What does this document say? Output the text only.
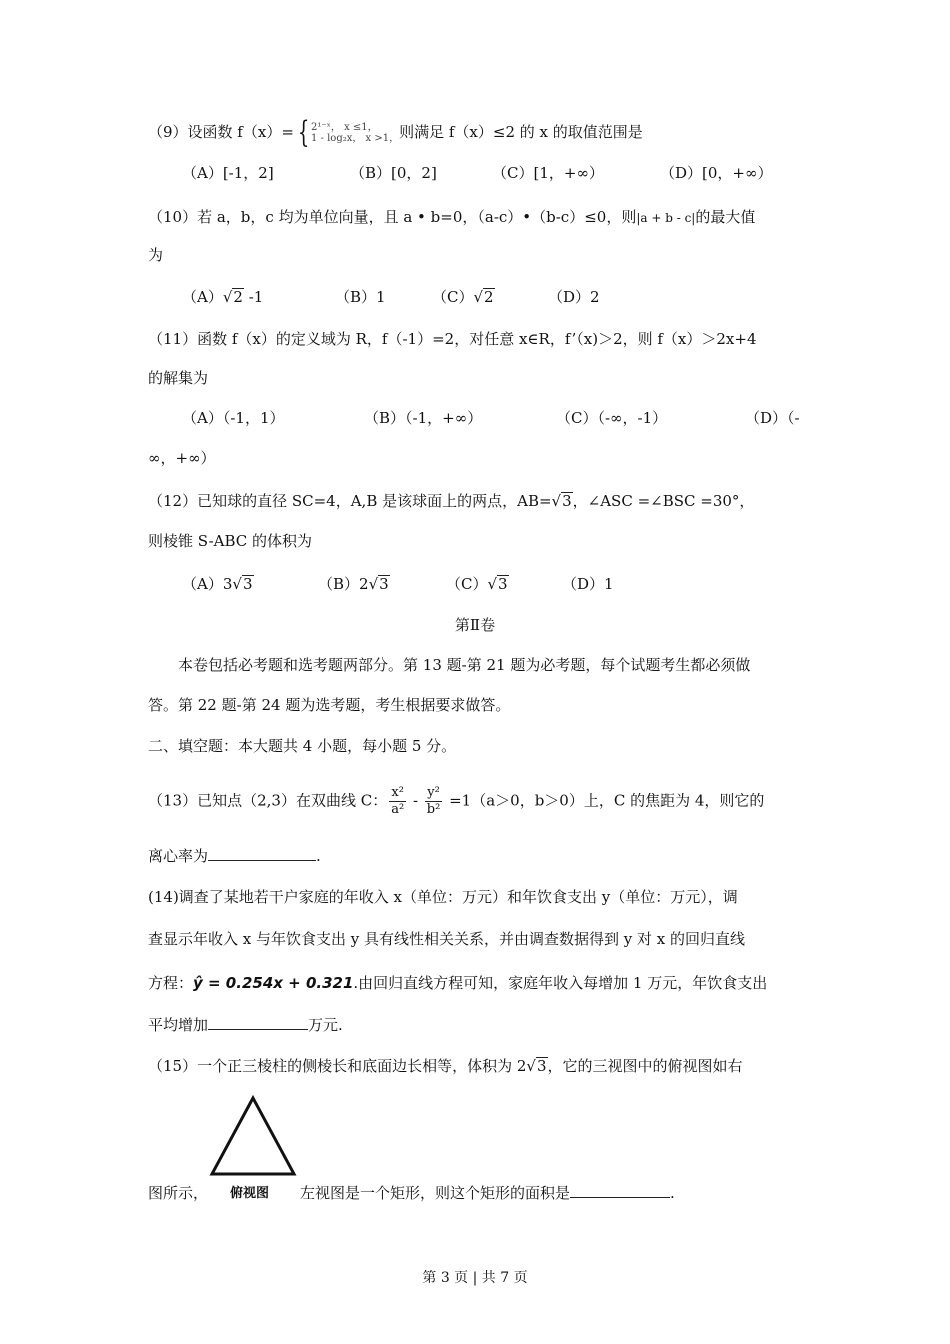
（9）设函数 f（x）= { 2¹⁻ˣ， x ≤1，
1 - log₂x， x >1， 则满足 f（x）≤2 的 x 的取值范围是
（A）[-1，2]	（B）[0，2]	（C）[1，+∞）	（D）[0，+∞）
（10）若 a，b，c 均为单位向量，且 a • b=0，（a-c）•（b-c）≤0，则|a + b - c|的最大值
为
（A）√2 -1	（B）1	（C）√2	（D）2
（11）函数 f（x）的定义域为 R，f（-1）=2，对任意 x∈R，f’（x)＞2，则 f（x）＞2x+4
的解集为
（A）（-1，1）	（B）（-1，+∞）	（C）（-∞，-1）	（D）（-
∞，+∞）
（12）已知球的直径 SC=4，A,B 是该球面上的两点，AB=√3，∠ASC =∠BSC =30°，
则棱锥 S-ABC 的体积为
（A）3√3	（B）2√3	（C）√3	（D）1
第Ⅱ卷
本卷包括必考题和选考题两部分。第 13 题-第 21 题为必考题，每个试题考生都必须做
答。第 22 题-第 24 题为选考题，考生根据要求做答。
二、填空题：本大题共 4 小题，每小题 5 分。
（13）已知点（2,3）在双曲线 C： $\frac{\text{x²}}{\text{a²}} - \frac{\text{y²}}{\text{b²}} =1(a>0$，b＞0）上，C 的焦距为 4，则它的
离心率为	.
(14)调查了某地若干户家庭的年收入 x（单位：万元）和年饮食支出 y（单位：万元），调
查显示年收入 x 与年饮食支出 y 具有线性相关关系，并由调查数据得到 y 对 x 的回归直线
方程：ŷ = 0.254x + 0.321.由回归直线方程可知，家庭年收入每增加 1 万元，年饮食支出
平均增加	万元.
（15）一个正三棱柱的侧棱长和底面边长相等，体积为 2√3，它的三视图中的俯视图如右
俯视图
图所示，	左视图是一个矩形，则这个矩形的面积是	.
第 3 页 | 共 7 页
